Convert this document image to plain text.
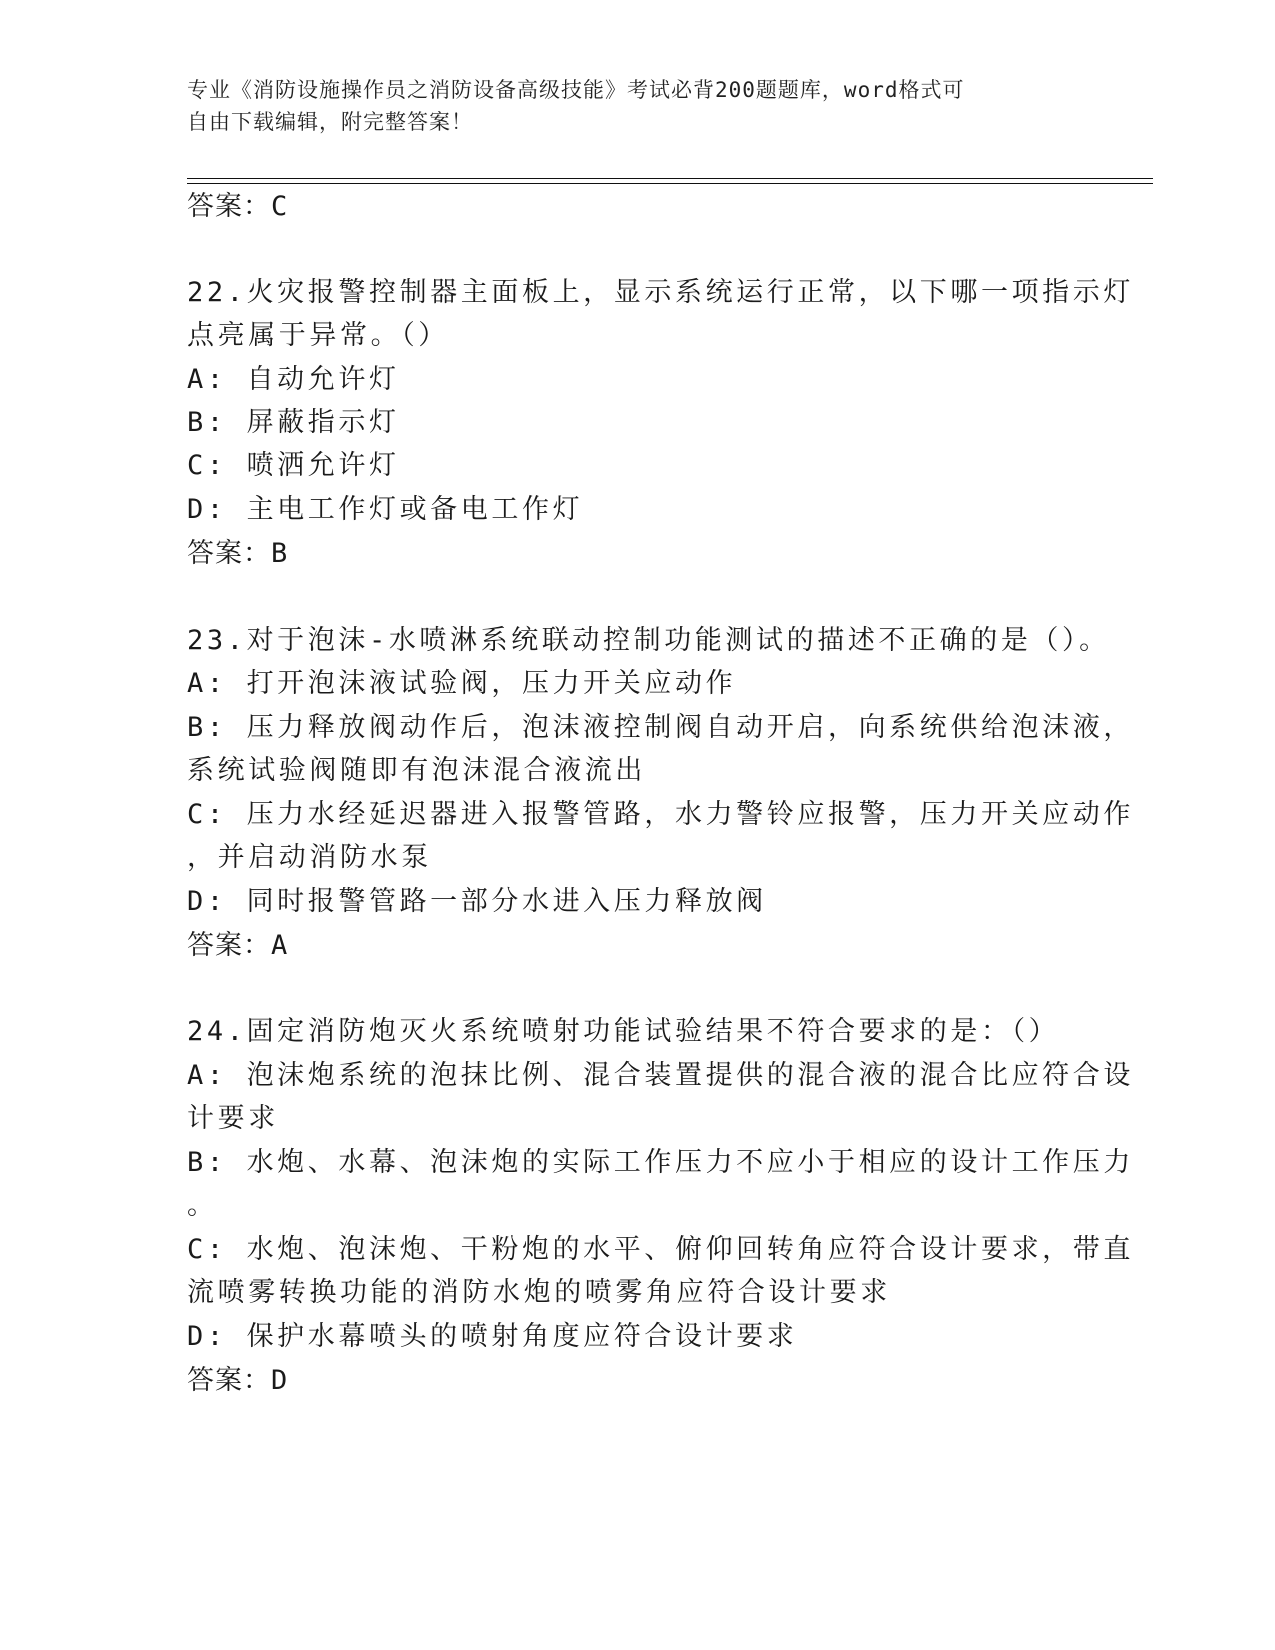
专业《消防设施操作员之消防设备高级技能》考试必背200题题库，word格式可
自由下载编辑，附完整答案！
答案：C
22.火灾报警控制器主面板上，显示系统运行正常，以下哪一项指示灯
点亮属于异常。（）
A: 自动允许灯
B: 屏蔽指示灯
C: 喷洒允许灯
D: 主电工作灯或备电工作灯
答案：B
23.对于泡沫-水喷淋系统联动控制功能测试的描述不正确的是（）。
A: 打开泡沫液试验阀，压力开关应动作
B: 压力释放阀动作后，泡沫液控制阀自动开启，向系统供给泡沫液，
系统试验阀随即有泡沫混合液流出
C: 压力水经延迟器进入报警管路，水力警铃应报警，压力开关应动作
，并启动消防水泵
D: 同时报警管路一部分水进入压力释放阀
答案：A
24.固定消防炮灭火系统喷射功能试验结果不符合要求的是：（）
A: 泡沫炮系统的泡抹比例、混合装置提供的混合液的混合比应符合设
计要求
B: 水炮、水幕、泡沫炮的实际工作压力不应小于相应的设计工作压力
。
C: 水炮、泡沫炮、干粉炮的水平、俯仰回转角应符合设计要求，带直
流喷雾转换功能的消防水炮的喷雾角应符合设计要求
D: 保护水幕喷头的喷射角度应符合设计要求
答案：D
